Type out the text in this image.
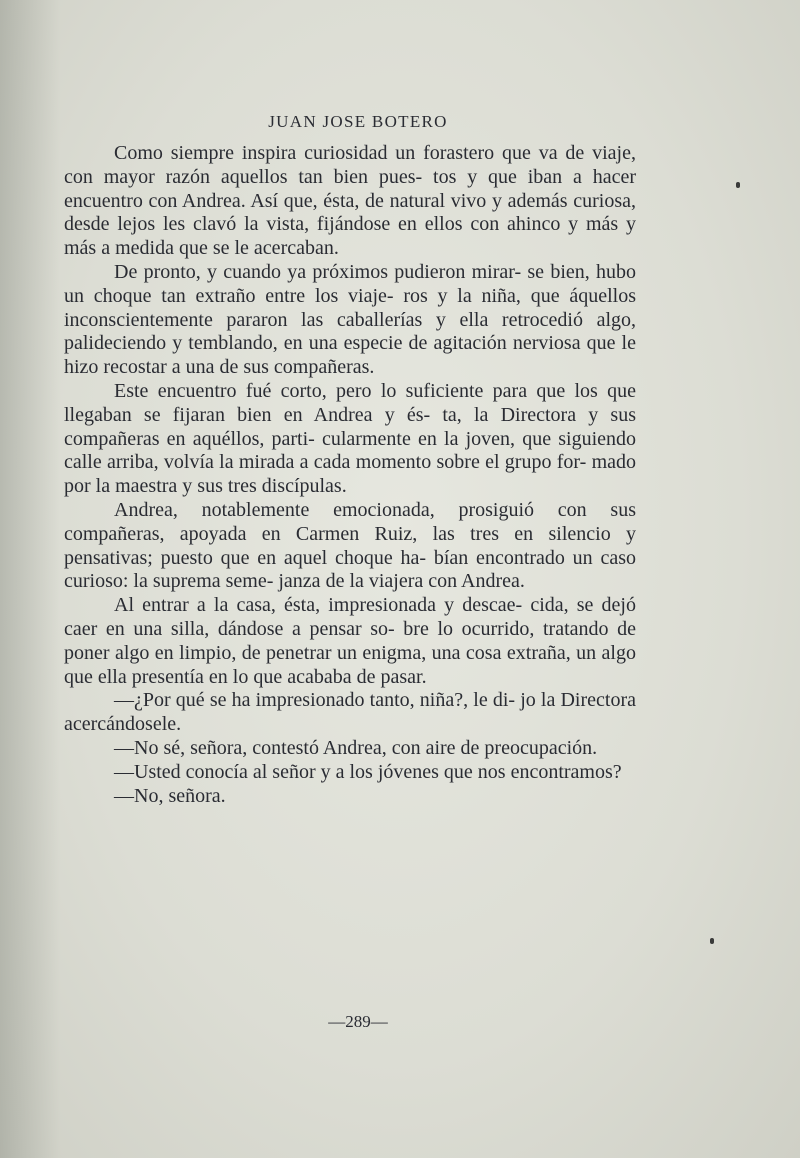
JUAN JOSE BOTERO

Como siempre inspira curiosidad un forastero que va de viaje, con mayor razón aquellos tan bien pues- tos y que iban a hacer encuentro con Andrea. Así que, ésta, de natural vivo y además curiosa, desde lejos les clavó la vista, fijándose en ellos con ahinco y más y más a medida que se le acercaban.

De pronto, y cuando ya próximos pudieron mirar- se bien, hubo un choque tan extraño entre los viaje- ros y la niña, que áquellos inconscientemente pararon las caballerías y ella retrocedió algo, palideciendo y temblando, en una especie de agitación nerviosa que le hizo recostar a una de sus compañeras.

Este encuentro fué corto, pero lo suficiente para que los que llegaban se fijaran bien en Andrea y és- ta, la Directora y sus compañeras en aquéllos, parti- cularmente en la joven, que siguiendo calle arriba, volvía la mirada a cada momento sobre el grupo for- mado por la maestra y sus tres discípulas.

Andrea, notablemente emocionada, prosiguió con sus compañeras, apoyada en Carmen Ruiz, las tres en silencio y pensativas; puesto que en aquel choque ha- bían encontrado un caso curioso: la suprema seme- janza de la viajera con Andrea.

Al entrar a la casa, ésta, impresionada y descae- cida, se dejó caer en una silla, dándose a pensar so- bre lo ocurrido, tratando de poner algo en limpio, de penetrar un enigma, una cosa extraña, un algo que ella presentía en lo que acababa de pasar.

—¿Por qué se ha impresionado tanto, niña?, le di- jo la Directora acercándosele.

—No sé, señora, contestó Andrea, con aire de preocupación.

—Usted conocía al señor y a los jóvenes que nos encontramos?

—No, señora.

—289—
